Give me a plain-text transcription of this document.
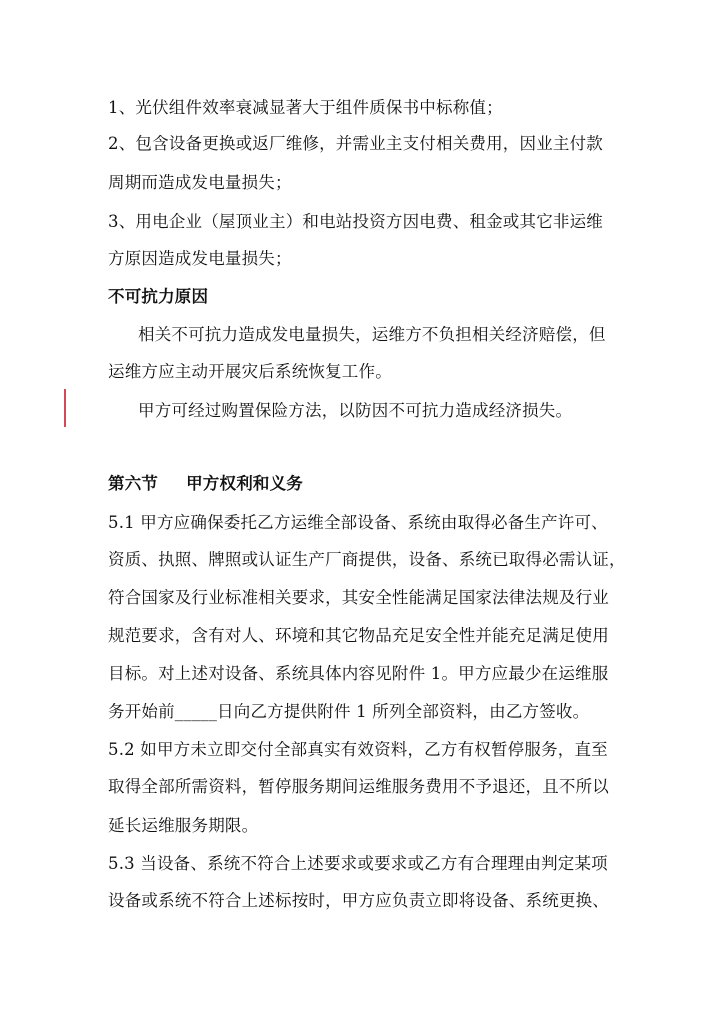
1、光伏组件效率衰减显著大于组件质保书中标称值；
2、包含设备更换或返厂维修，并需业主支付相关费用，因业主付款
周期而造成发电量损失；
3、用电企业（屋顶业主）和电站投资方因电费、租金或其它非运维
方原因造成发电量损失；
不可抗力原因
相关不可抗力造成发电量损失，运维方不负担相关经济赔偿，但
运维方应主动开展灾后系统恢复工作。
甲方可经过购置保险方法，以防因不可抗力造成经济损失。
第六节 甲方权利和义务
5.1 甲方应确保委托乙方运维全部设备、系统由取得必备生产许可、
资质、执照、牌照或认证生产厂商提供，设备、系统已取得必需认证，
符合国家及行业标准相关要求，其安全性能满足国家法律法规及行业
规范要求，含有对人、环境和其它物品充足安全性并能充足满足使用
目标。对上述对设备、系统具体内容见附件 1。甲方应最少在运维服
务开始前_____日向乙方提供附件 1 所列全部资料，由乙方签收。
5.2 如甲方未立即交付全部真实有效资料，乙方有权暂停服务，直至
取得全部所需资料，暂停服务期间运维服务费用不予退还，且不所以
延长运维服务期限。
5.3 当设备、系统不符合上述要求或要求或乙方有合理理由判定某项
设备或系统不符合上述标按时，甲方应负责立即将设备、系统更换、
